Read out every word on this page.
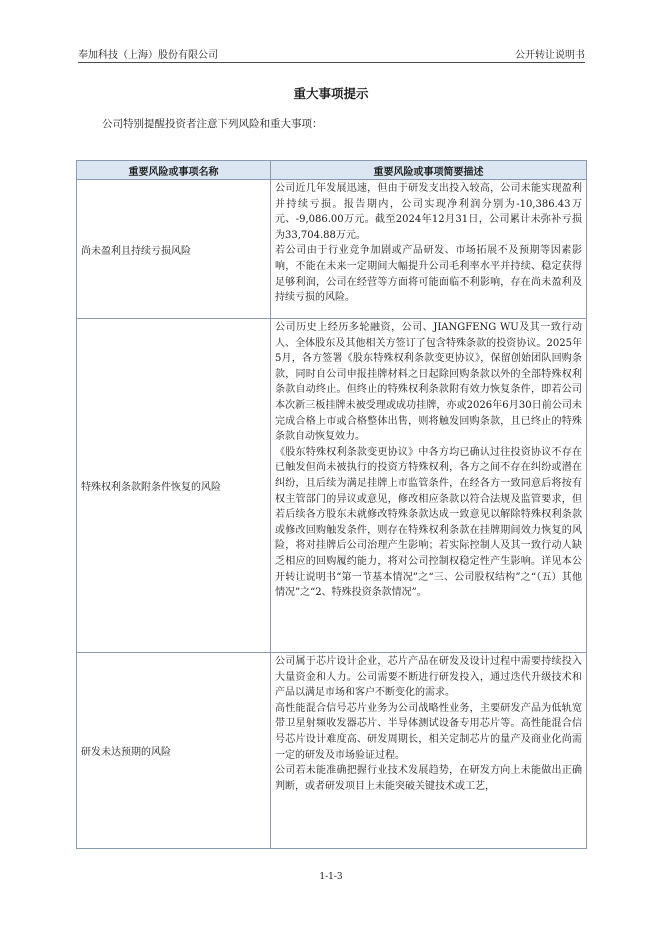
奉加科技（上海）股份有限公司	公开转让说明书
重大事项提示
公司特别提醒投资者注意下列风险和重大事项：
重要风险或事项名称	重要风险或事项简要描述
尚未盈利且持续亏损风险	公司近几年发展迅速，但由于研发支出投入较高，公司未能实现盈利并持续亏损。报告期内，公司实现净利润分别为-10,386.43万元、-9,086.00万元。截至2024年12月31日，公司累计未弥补亏损为33,704.88万元。

若公司由于行业竞争加剧或产品研发、市场拓展不及预期等因素影响，不能在未来一定期间大幅提升公司毛利率水平并持续、稳定获得足够利润，公司在经营等方面将可能面临不利影响，存在尚未盈利及持续亏损的风险。

特殊权利条款附条件恢复的风险	公司历史上经历多轮融资，公司、JIANGFENG WU及其一致行动人、全体股东及其他相关方签订了包含特殊条款的投资协议。2025年5月，各方签署《股东特殊权利条款变更协议》，保留创始团队回购条款，同时自公司申报挂牌材料之日起除回购条款以外的全部特殊权利条款自动终止。但终止的特殊权利条款附有效力恢复条件，即若公司本次新三板挂牌未被受理或成功挂牌，亦或2026年6月30日前公司未完成合格上市或合格整体出售，则将触发回购条款，且已终止的特殊条款自动恢复效力。

《股东特殊权利条款变更协议》中各方均已确认过往投资协议不存在已触发但尚未被执行的投资方特殊权利，各方之间不存在纠纷或潜在纠纷，且后续为满足挂牌上市监管条件，在经各方一致同意后将按有权主管部门的异议或意见，修改相应条款以符合法规及监管要求，但若后续各方股东未就修改特殊条款达成一致意见以解除特殊权利条款或修改回购触发条件，则存在特殊权利条款在挂牌期间效力恢复的风险，将对挂牌后公司治理产生影响；若实际控制人及其一致行动人缺乏相应的回购履约能力，将对公司控制权稳定性产生影响。详见本公开转让说明书“第一节基本情况”之“三、公司股权结构”之“（五）其他情况”之“2、特殊投资条款情况”。

研发未达预期的风险	公司属于芯片设计企业，芯片产品在研发及设计过程中需要持续投入大量资金和人力。公司需要不断进行研发投入，通过迭代升级技术和产品以满足市场和客户不断变化的需求。

高性能混合信号芯片业务为公司战略性业务，主要研发产品为低轨宽带卫星射频收发器芯片、半导体测试设备专用芯片等。高性能混合信号芯片设计难度高、研发周期长，相关定制芯片的量产及商业化尚需一定的研发及市场验证过程。

公司若未能准确把握行业技术发展趋势，在研发方向上未能做出正确判断，或者研发项目上未能突破关键技术或工艺，

1-1-3
